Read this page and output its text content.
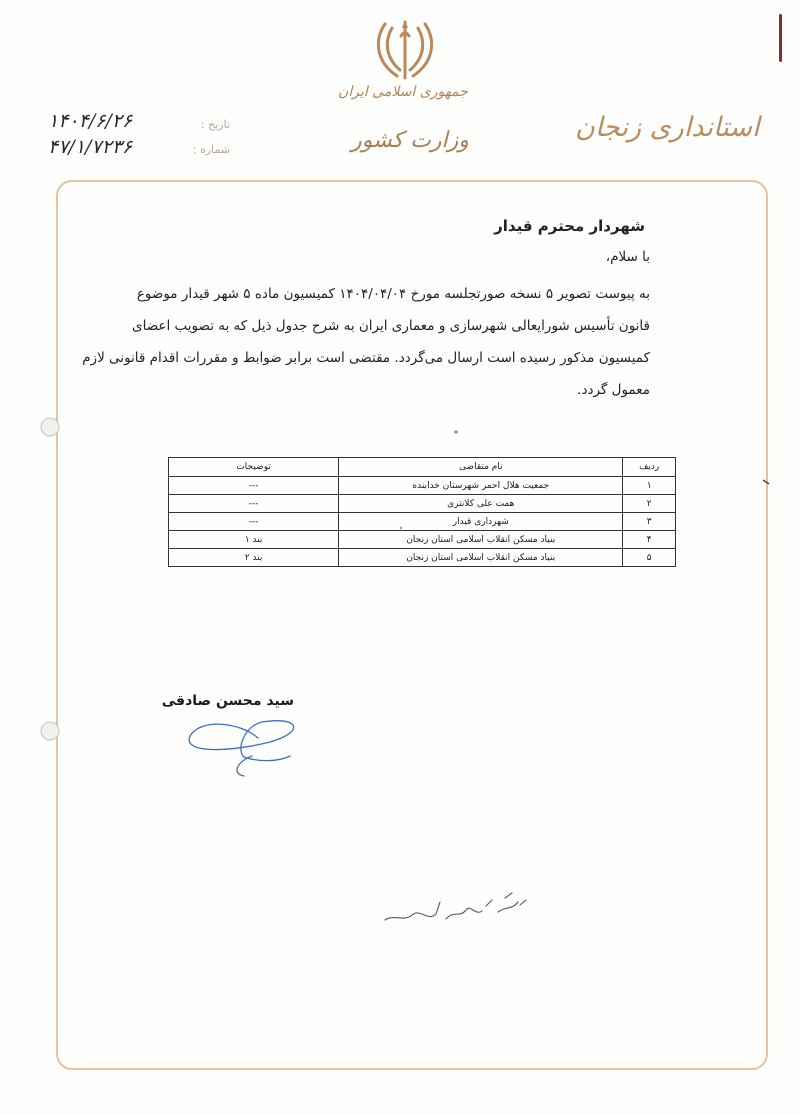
جمهوری اسلامی ایران
وزارت کشور	استانداری زنجان
تاریخ :
۱۴۰۴/۶/۲۶
شماره :
۴۷/۱/۷۲۳۶
شهردار محترم قیدار
با سلام،
به پیوست تصویر ۵ نسخه صورتجلسه مورخ ۱۴۰۴/۰۴/۰۴ کمیسیون ماده ۵ شهر قیدار موضوع
قانون تأسیس شورایعالی شهرسازی و معماری ایران به شرح جدول ذیل که به تصویب اعضای
کمیسیون مذکور رسیده است ارسال می‌گردد. مقتضی است برابر ضوابط و مقررات اقدام قانونی لازم
معمول گردد.
ردیف	نام متقاضی	توضیحات
۱	جمعیت هلال احمر شهرستان خدابنده	---
۲	همت علی کلانتری	---
۳	شهرداری قیدار	---
۴	بنیاد مسکن انقلاب اسلامی استان زنجان	بند ۱
۵	بنیاد مسکن انقلاب اسلامی استان زنجان	بند ۲
سید محسن صادقی
